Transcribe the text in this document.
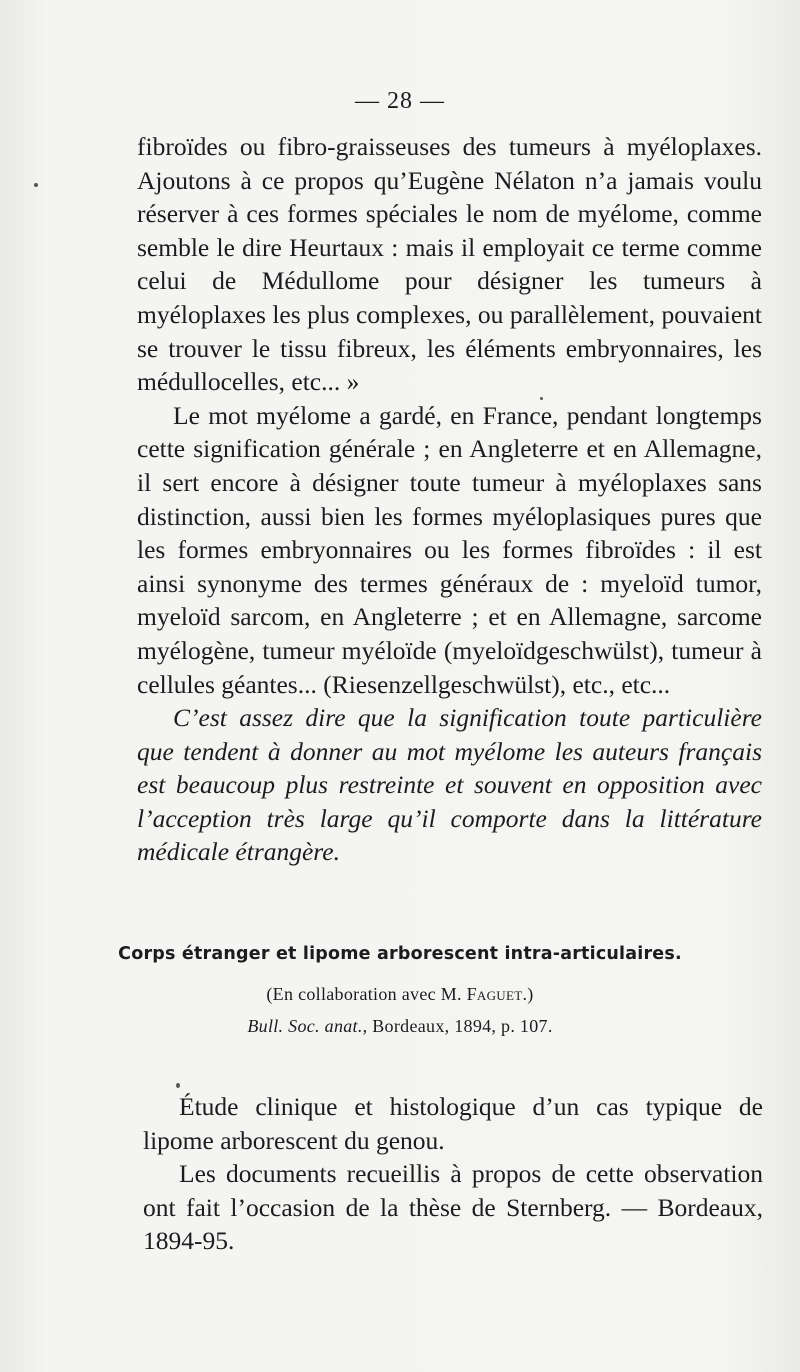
— 28 —

fibroïdes ou fibro-graisseuses des tumeurs à myéloplaxes. Ajoutons à ce propos qu’Eugène Nélaton n’a jamais voulu réserver à ces formes spéciales le nom de myélome, comme semble le dire Heurtaux : mais il employait ce terme comme celui de Médullome pour désigner les tumeurs à myéloplaxes les plus complexes, ou parallèlement, pouvaient se trouver le tissu fibreux, les éléments embryonnaires, les médullocelles, etc... »

Le mot myélome a gardé, en France, pendant longtemps cette signification générale ; en Angleterre et en Allemagne, il sert encore à désigner toute tumeur à myéloplaxes sans distinction, aussi bien les formes myéloplasiques pures que les formes embryonnaires ou les formes fibroïdes : il est ainsi synonyme des termes généraux de : myeloïd tumor, myeloïd sarcom, en Angleterre ; et en Allemagne, sarcome myélogène, tumeur myéloïde (myeloïdgeschwülst), tumeur à cellules géantes... (Riesenzellgeschwülst), etc., etc...

C’est assez dire que la signification toute particulière que tendent à donner au mot myélome les auteurs français est beaucoup plus restreinte et souvent en opposition avec l’acception très large qu’il comporte dans la littérature médicale étrangère.

Corps étranger et lipome arborescent intra-articulaires.
(En collaboration avec M. Faguet.)
Bull. Soc. anat., Bordeaux, 1894, p. 107.

Étude clinique et histologique d’un cas typique de lipome arborescent du genou.

Les documents recueillis à propos de cette observation ont fait l’occasion de la thèse de Sternberg. — Bordeaux, 1894-95.
